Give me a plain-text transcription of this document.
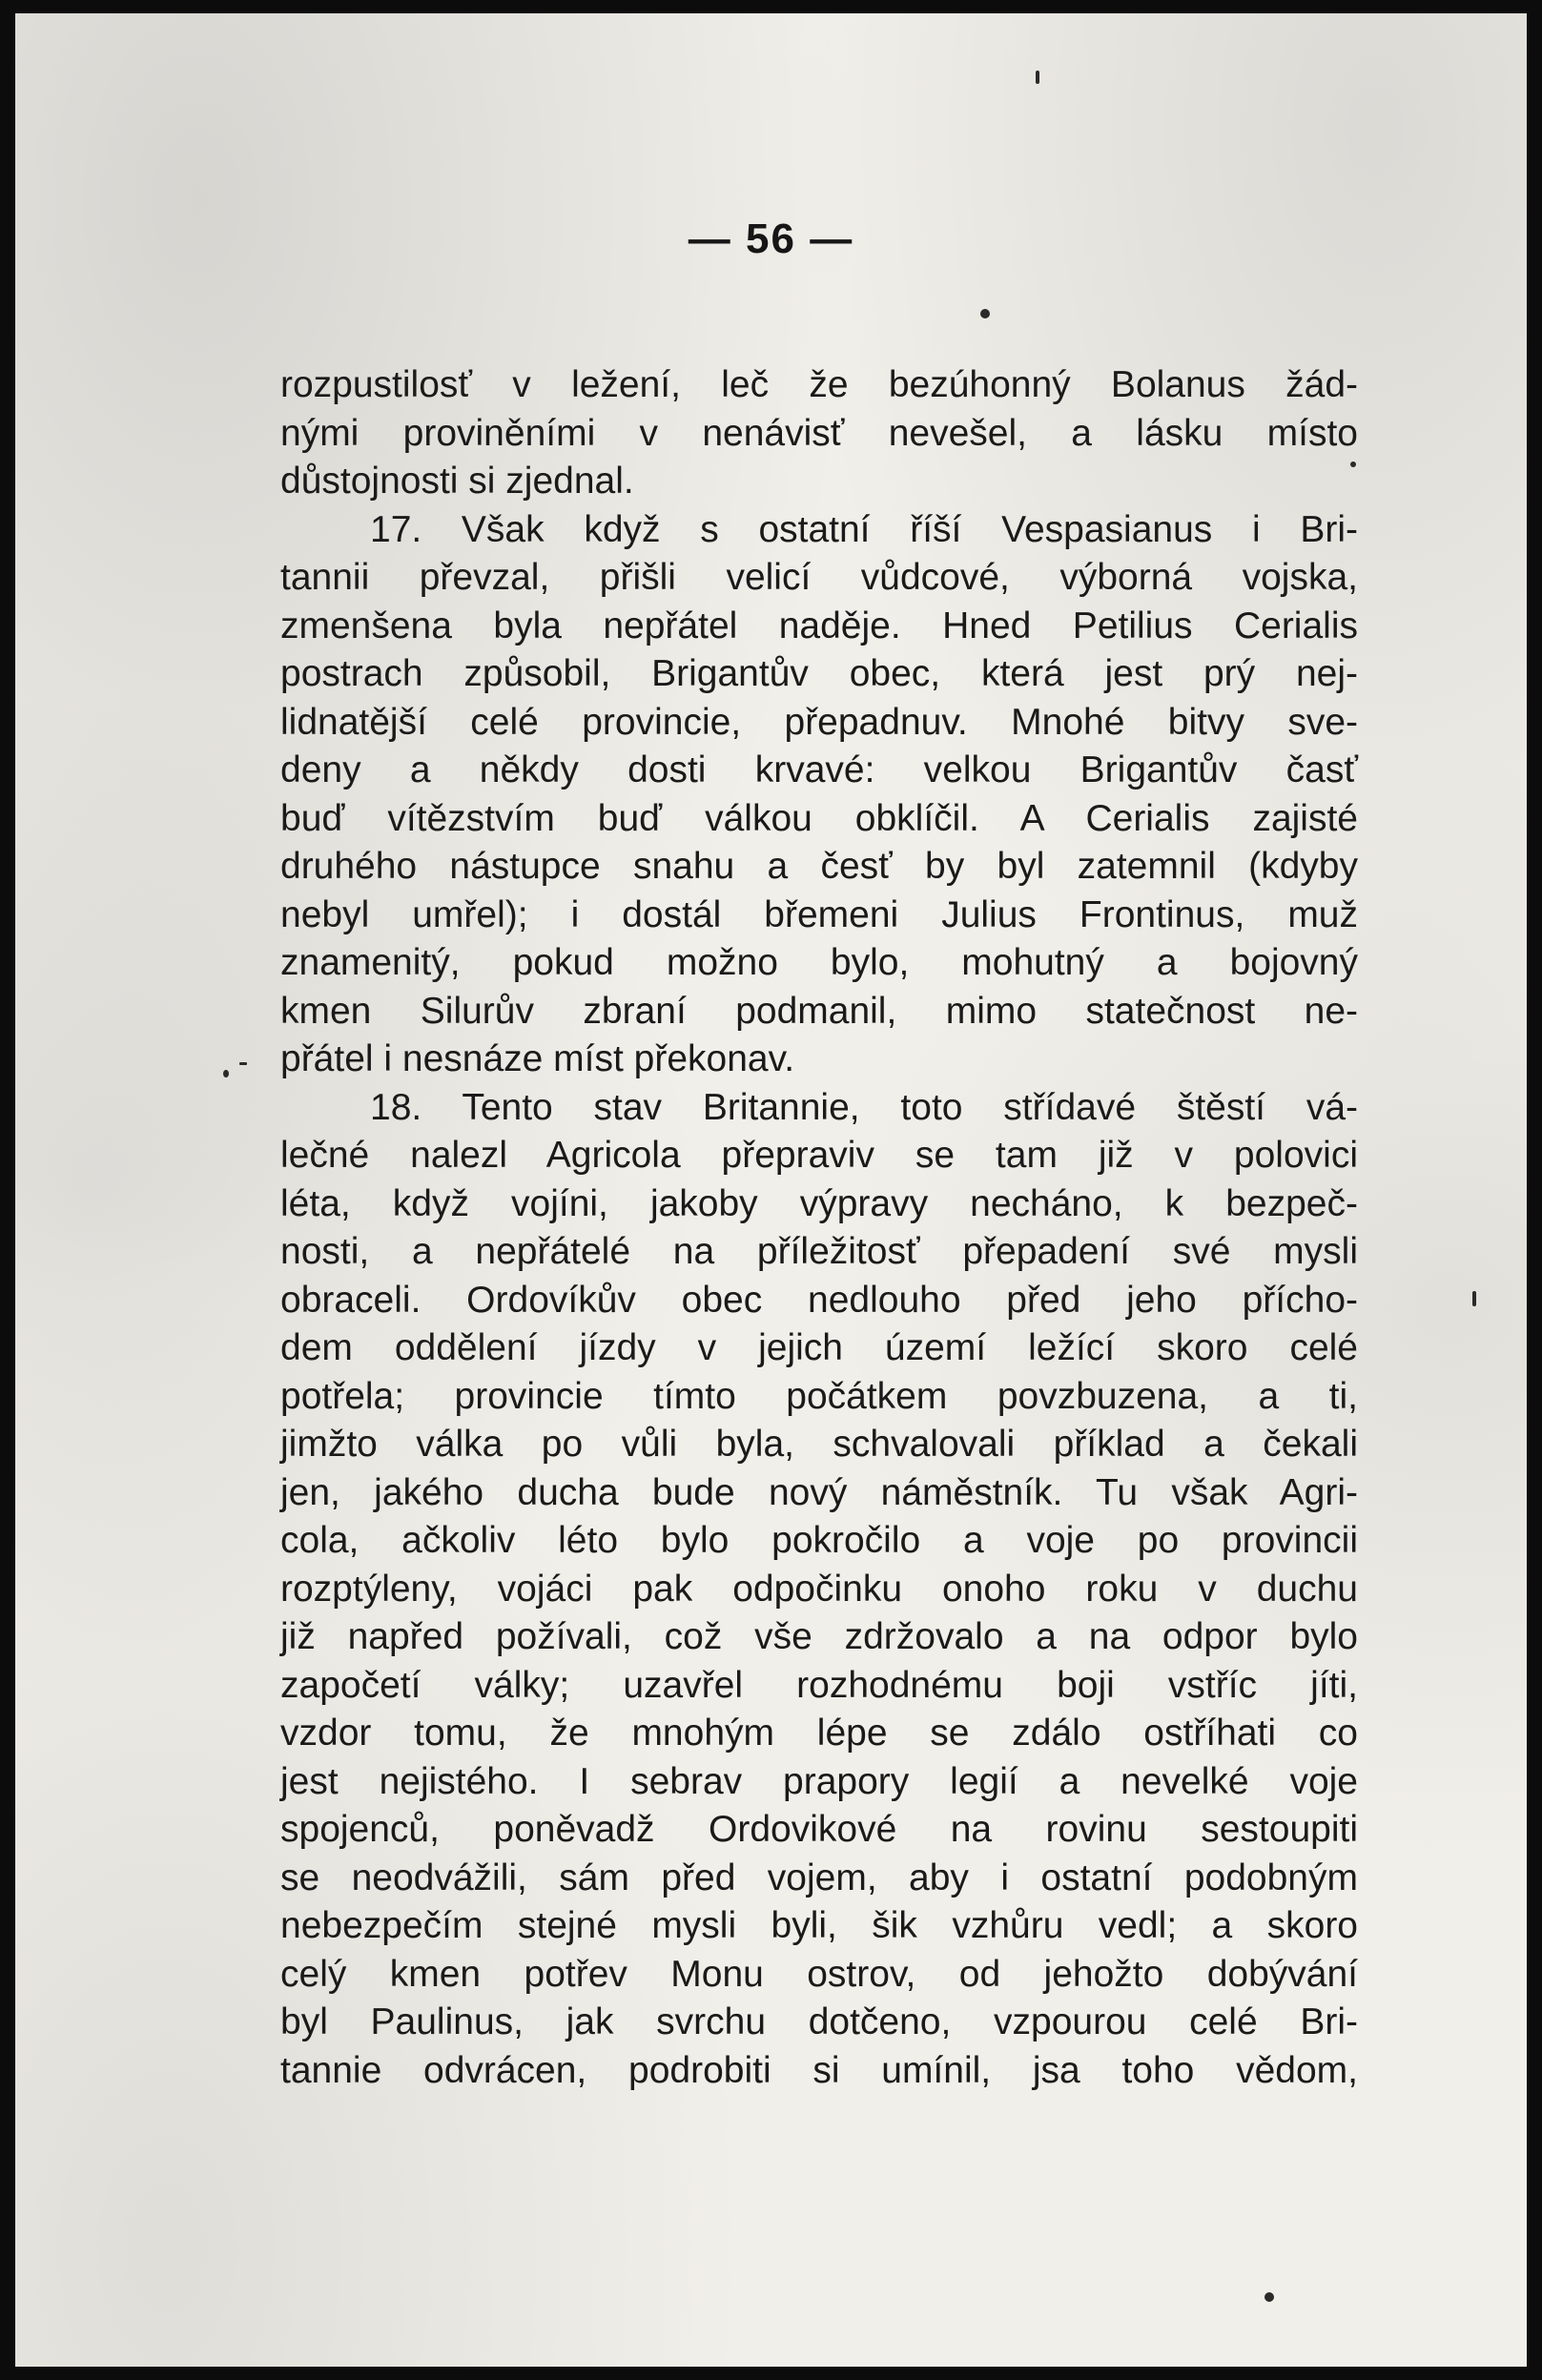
— 56 —
rozpustilosť v ležení, leč že bezúhonný Bolanus žád-
nými proviněními v nenávisť nevešel, a lásku místo
důstojnosti si zjednal.
17. Však když s ostatní říší Vespasianus i Bri-
tannii převzal, přišli velicí vůdcové, výborná vojska,
zmenšena byla nepřátel naděje. Hned Petilius Cerialis
postrach způsobil, Brigantův obec, která jest prý nej-
lidnatější celé provincie, přepadnuv. Mnohé bitvy sve-
deny a někdy dosti krvavé: velkou Brigantův časť
buď vítězstvím buď válkou obklíčil. A Cerialis zajisté
druhého nástupce snahu a česť by byl zatemnil (kdyby
nebyl umřel); i dostál břemeni Julius Frontinus, muž
znamenitý, pokud možno bylo, mohutný a bojovný
kmen Silurův zbraní podmanil, mimo statečnost ne-
přátel i nesnáze míst překonav.
18. Tento stav Britannie, toto střídavé štěstí vá-
lečné nalezl Agricola přepraviv se tam již v polovici
léta, když vojíni, jakoby výpravy necháno, k bezpeč-
nosti, a nepřátelé na příležitosť přepadení své mysli
obraceli. Ordovíkův obec nedlouho před jeho přícho-
dem oddělení jízdy v jejich území ležící skoro celé
potřela; provincie tímto počátkem povzbuzena, a ti,
jimžto válka po vůli byla, schvalovali příklad a čekali
jen, jakého ducha bude nový náměstník. Tu však Agri-
cola, ačkoliv léto bylo pokročilo a voje po provincii
rozptýleny, vojáci pak odpočinku onoho roku v duchu
již napřed požívali, což vše zdržovalo a na odpor bylo
započetí války; uzavřel rozhodnému boji vstříc jíti,
vzdor tomu, že mnohým lépe se zdálo ostříhati co
jest nejistého. I sebrav prapory legií a nevelké voje
spojenců, poněvadž Ordovikové na rovinu sestoupiti
se neodvážili, sám před vojem, aby i ostatní podobným
nebezpečím stejné mysli byli, šik vzhůru vedl; a skoro
celý kmen potřev Monu ostrov, od jehožto dobývání
byl Paulinus, jak svrchu dotčeno, vzpourou celé Bri-
tannie odvrácen, podrobiti si umínil, jsa toho vědom,
